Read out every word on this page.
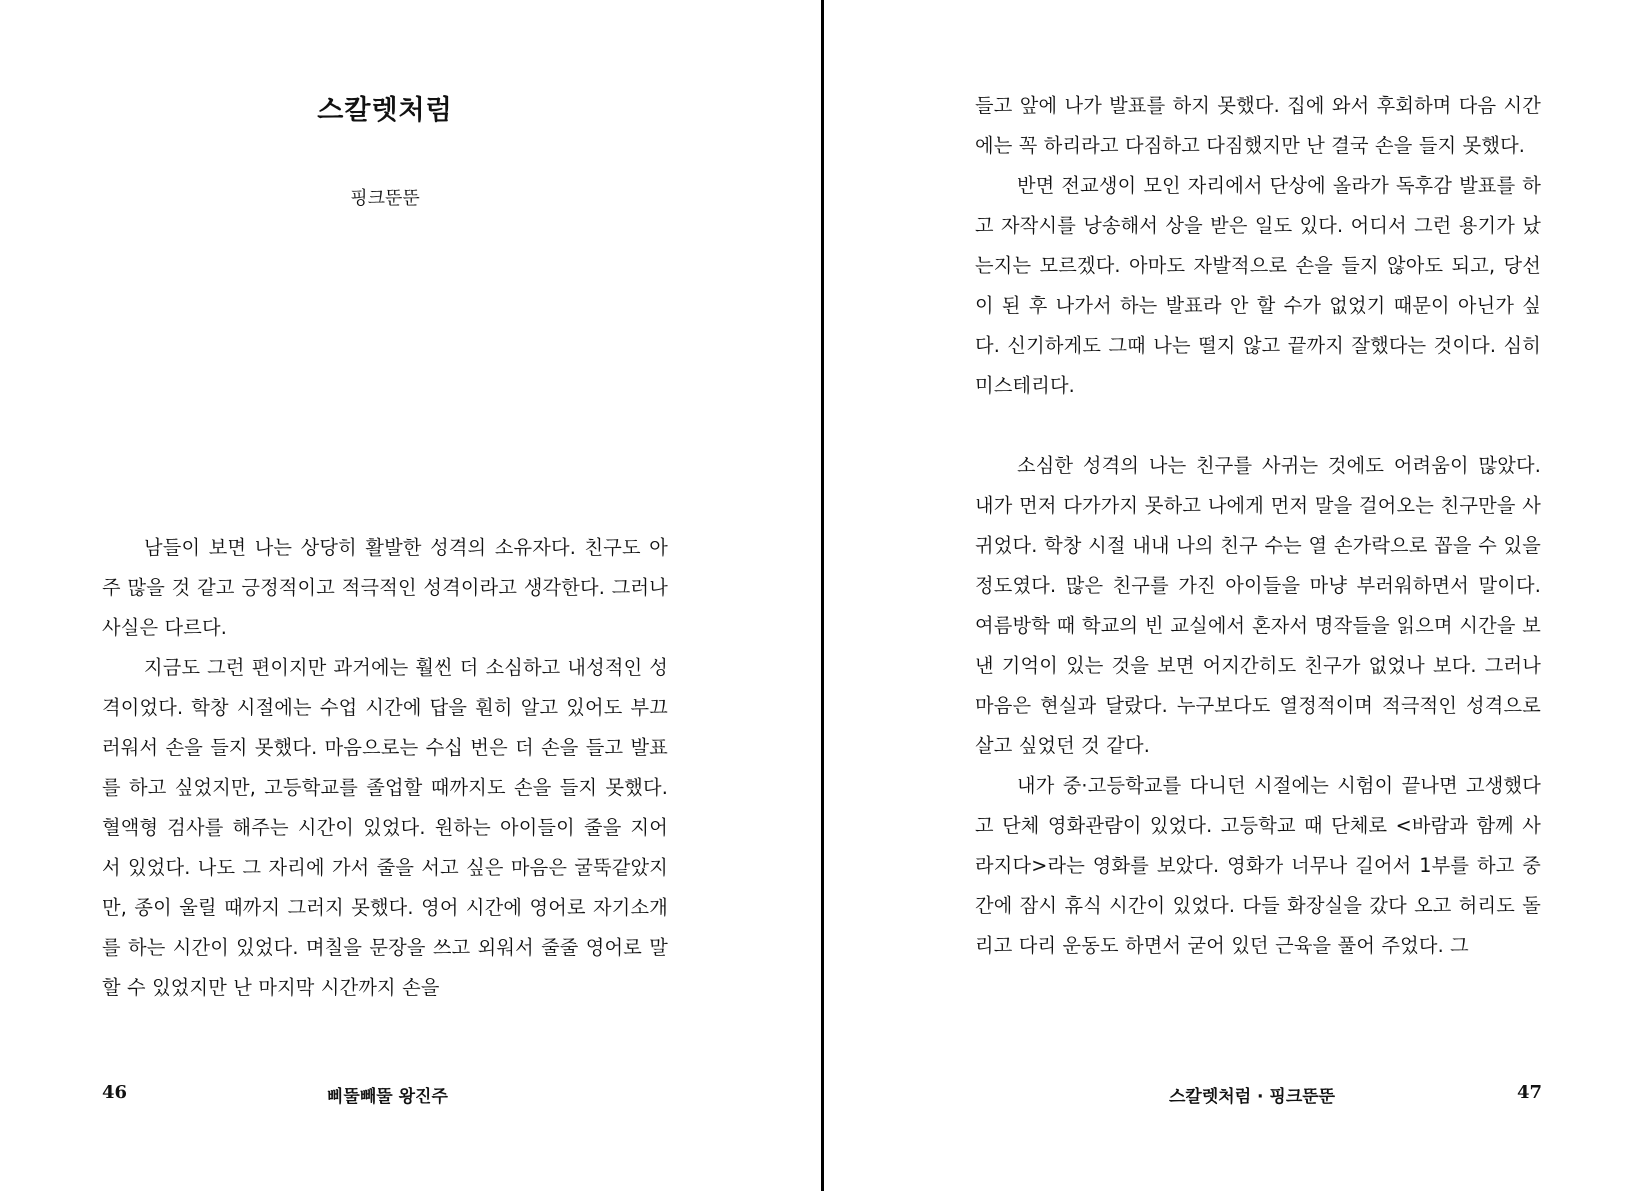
스칼렛처럼
핑크뚠뚠

남들이 보면 나는 상당히 활발한 성격의 소유자다. 친구도 아주 많을 것 같고 긍정적이고 적극적인 성격이라고 생각한다. 그러나 사실은 다르다.

지금도 그런 편이지만 과거에는 훨씬 더 소심하고 내성적인 성격이었다. 학창 시절에는 수업 시간에 답을 훤히 알고 있어도 부끄러워서 손을 들지 못했다. 마음으로는 수십 번은 더 손을 들고 발표를 하고 싶었지만, 고등학교를 졸업할 때까지도 손을 들지 못했다. 혈액형 검사를 해주는 시간이 있었다. 원하는 아이들이 줄을 지어 서 있었다. 나도 그 자리에 가서 줄을 서고 싶은 마음은 굴뚝같았지만, 종이 울릴 때까지 그러지 못했다. 영어 시간에 영어로 자기소개를 하는 시간이 있었다. 며칠을 문장을 쓰고 외워서 줄줄 영어로 말할 수 있었지만 난 마지막 시간까지 손을

46	삐뚤빼뚤 왕진주

들고 앞에 나가 발표를 하지 못했다. 집에 와서 후회하며 다음 시간에는 꼭 하리라고 다짐하고 다짐했지만 난 결국 손을 들지 못했다.

반면 전교생이 모인 자리에서 단상에 올라가 독후감 발표를 하고 자작시를 낭송해서 상을 받은 일도 있다. 어디서 그런 용기가 났는지는 모르겠다. 아마도 자발적으로 손을 들지 않아도 되고, 당선이 된 후 나가서 하는 발표라 안 할 수가 없었기 때문이 아닌가 싶다. 신기하게도 그때 나는 떨지 않고 끝까지 잘했다는 것이다. 심히 미스테리다.

소심한 성격의 나는 친구를 사귀는 것에도 어려움이 많았다. 내가 먼저 다가가지 못하고 나에게 먼저 말을 걸어오는 친구만을 사귀었다. 학창 시절 내내 나의 친구 수는 열 손가락으로 꼽을 수 있을 정도였다. 많은 친구를 가진 아이들을 마냥 부러워하면서 말이다. 여름방학 때 학교의 빈 교실에서 혼자서 명작들을 읽으며 시간을 보낸 기억이 있는 것을 보면 어지간히도 친구가 없었나 보다. 그러나 마음은 현실과 달랐다. 누구보다도 열정적이며 적극적인 성격으로 살고 싶었던 것 같다.

내가 중·고등학교를 다니던 시절에는 시험이 끝나면 고생했다고 단체 영화관람이 있었다. 고등학교 때 단체로 <바람과 함께 사라지다>라는 영화를 보았다. 영화가 너무나 길어서 1부를 하고 중간에 잠시 휴식 시간이 있었다. 다들 화장실을 갔다 오고 허리도 돌리고 다리 운동도 하면서 굳어 있던 근육을 풀어 주었다. 그

스칼렛처럼 · 핑크뚠뚠	47
